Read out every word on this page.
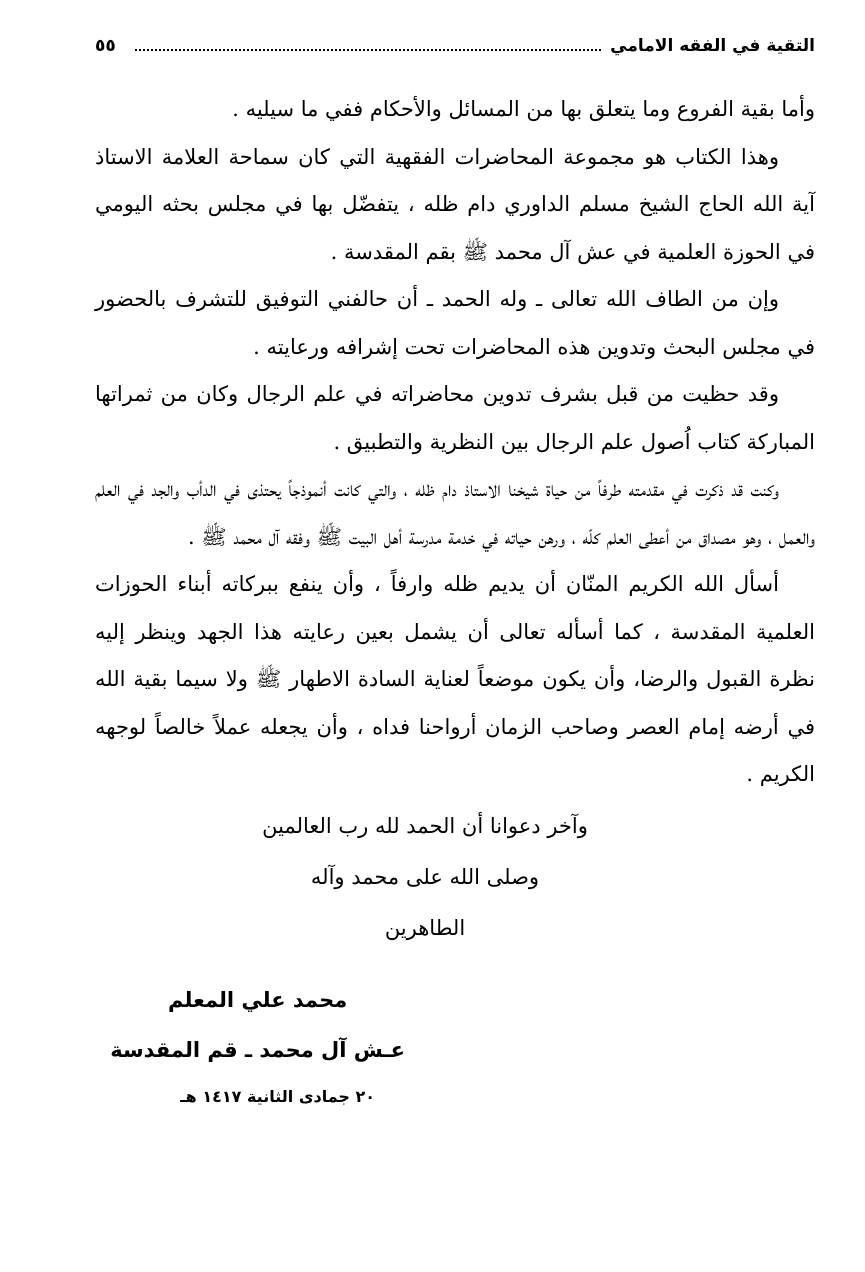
التقية في الفقه الامامي
٥٥

وأما بقية الفروع وما يتعلق بها من المسائل والأحكام ففي ما سيليه .

وهذا الكتاب هو مجموعة المحاضرات الفقهية التي كان سماحة العلامة الاستاذ آية الله الحاج الشيخ مسلم الداوري دام ظله ، يتفضّل بها في مجلس بحثه اليومي في الحوزة العلمية في عش آل محمد ﷺ بقم المقدسة .

وإن من الطاف الله تعالى ـ وله الحمد ـ أن حالفني التوفيق للتشرف بالحضور في مجلس البحث وتدوين هذه المحاضرات تحت إشرافه ورعايته .

وقد حظيت من قبل بشرف تدوين محاضراته في علم الرجال وكان من ثمراتها المباركة كتاب اُصول علم الرجال بين النظرية والتطبيق .

وكنت قد ذكرت في مقدمته طرفاً من حياة شيخنا الاستاذ دام ظله ، والتي كانت أنموذجاً يحتذى في الدأب والجد في العلم والعمل ، وهو مصداق من أعطى العلم كلّه ، ورهن حياته في خدمة مدرسة أهل البيت ﷺ وفقه آل محمد ﷺ .

أسأل الله الكريم المنّان أن يديم ظله وارفاً ، وأن ينفع ببركاته أبناء الحوزات العلمية المقدسة ، كما أسأله تعالى أن يشمل بعين رعايته هذا الجهد وينظر إليه نظرة القبول والرضا، وأن يكون موضعاً لعناية السادة الاطهار ﷺ ولا سيما بقية الله في أرضه إمام العصر وصاحب الزمان أرواحنا فداه ، وأن يجعله عملاً خالصاً لوجهه الكريم .

وآخر دعوانا أن الحمد لله رب العالمين
وصلى الله على محمد وآله
الطاهرين
محمد علي المعلم
عـش آل محمد ـ قم المقدسة
٢٠ جمادى الثانية ١٤١٧ هـ
